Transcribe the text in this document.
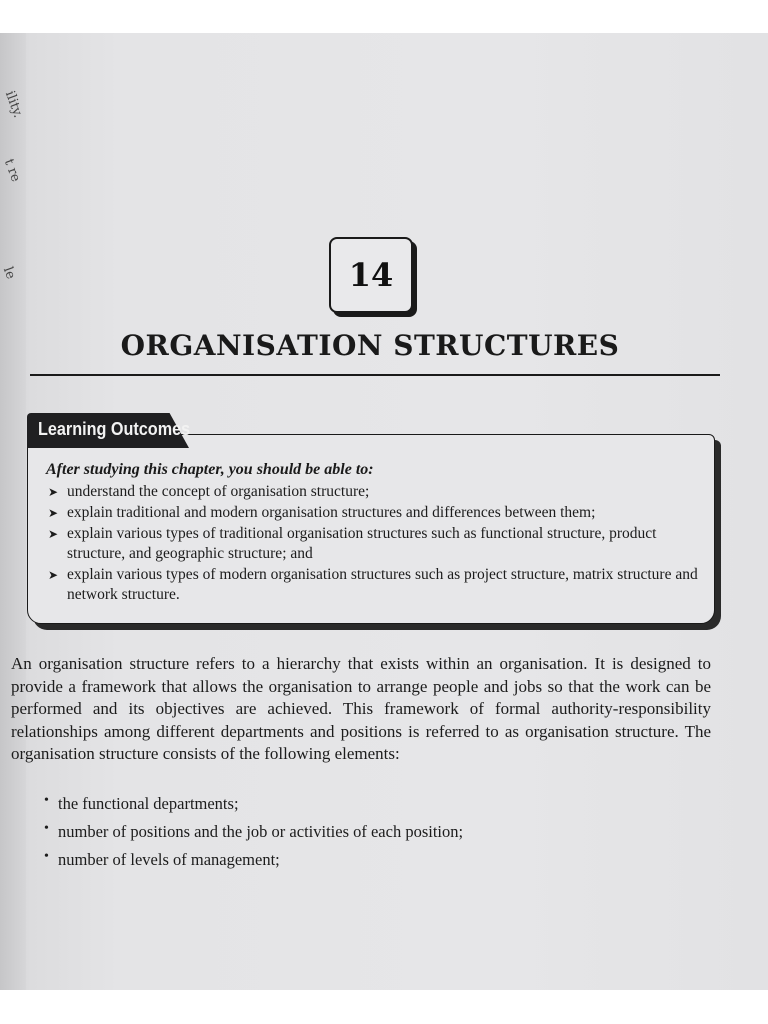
ility.
t re
le	14
ORGANISATION STRUCTURES
Learning Outcomes
After studying this chapter, you should be able to:
➤ understand the concept of organisation structure;
➤ explain traditional and modern organisation structures and differences between them;
➤ explain various types of traditional organisation structures such as functional structure, product structure, and geographic structure; and
➤ explain various types of modern organisation structures such as project structure, matrix structure and network structure.

An organisation structure refers to a hierarchy that exists within an organisation. It is designed to provide a framework that allows the organisation to arrange people and jobs so that the work can be performed and its objectives are achieved. This framework of formal authority-responsibility relationships among different departments and positions is referred to as organisation structure. The organisation structure consists of the following elements:

• the functional departments;
• number of positions and the job or activities of each position;
• number of levels of management;
